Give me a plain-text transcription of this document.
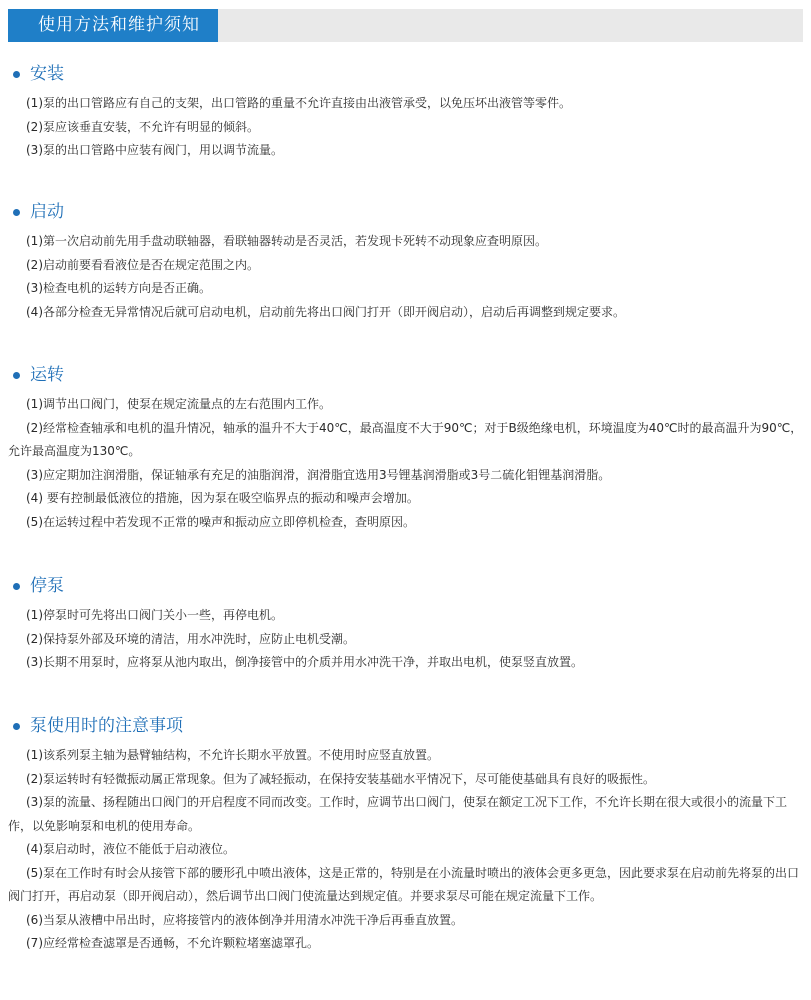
使用方法和维护须知
安装
(1)泵的出口管路应有自己的支架，出口管路的重量不允许直接由出液管承受，以免压坏出液管等零件。
(2)泵应该垂直安装，不允许有明显的倾斜。
(3)泵的出口管路中应装有阀门，用以调节流量。
启动
(1)第一次启动前先用手盘动联轴器，看联轴器转动是否灵活，若发现卡死转不动现象应查明原因。
(2)启动前要看看液位是否在规定范围之内。
(3)检查电机的运转方向是否正确。
(4)各部分检查无异常情况后就可启动电机，启动前先将出口阀门打开（即开阀启动），启动后再调整到规定要求。
运转
(1)调节出口阀门，使泵在规定流量点的左右范围内工作。
(2)经常检查轴承和电机的温升情况，轴承的温升不大于40℃，最高温度不大于90℃；对于B级绝缘电机，环境温度为40℃时的最高温升为90℃，允许最高温度为130℃。
(3)应定期加注润滑脂，保证轴承有充足的油脂润滑，润滑脂宜选用3号锂基润滑脂或3号二硫化钼锂基润滑脂。
(4) 要有控制最低液位的措施，因为泵在吸空临界点的振动和噪声会增加。
(5)在运转过程中若发现不正常的噪声和振动应立即停机检查，查明原因。
停泵
(1)停泵时可先将出口阀门关小一些，再停电机。
(2)保持泵外部及环境的清洁，用水冲洗时，应防止电机受潮。
(3)长期不用泵时，应将泵从池内取出，倒净接管中的介质并用水冲洗干净，并取出电机，使泵竖直放置。
泵使用时的注意事项
(1)该系列泵主轴为悬臂轴结构，不允许长期水平放置。不使用时应竖直放置。
(2)泵运转时有轻微振动属正常现象。但为了减轻振动，在保持安装基础水平情况下，尽可能使基础具有良好的吸振性。
(3)泵的流量、扬程随出口阀门的开启程度不同而改变。工作时，应调节出口阀门，使泵在额定工况下工作，不允许长期在很大或很小的流量下工作，以免影响泵和电机的使用寿命。
(4)泵启动时，液位不能低于启动液位。
(5)泵在工作时有时会从接管下部的腰形孔中喷出液体，这是正常的，特别是在小流量时喷出的液体会更多更急，因此要求泵在启动前先将泵的出口阀门打开，再启动泵（即开阀启动），然后调节出口阀门使流量达到规定值。并要求泵尽可能在规定流量下工作。
(6)当泵从液槽中吊出时，应将接管内的液体倒净并用清水冲洗干净后再垂直放置。
(7)应经常检查滤罩是否通畅，不允许颗粒堵塞滤罩孔。
